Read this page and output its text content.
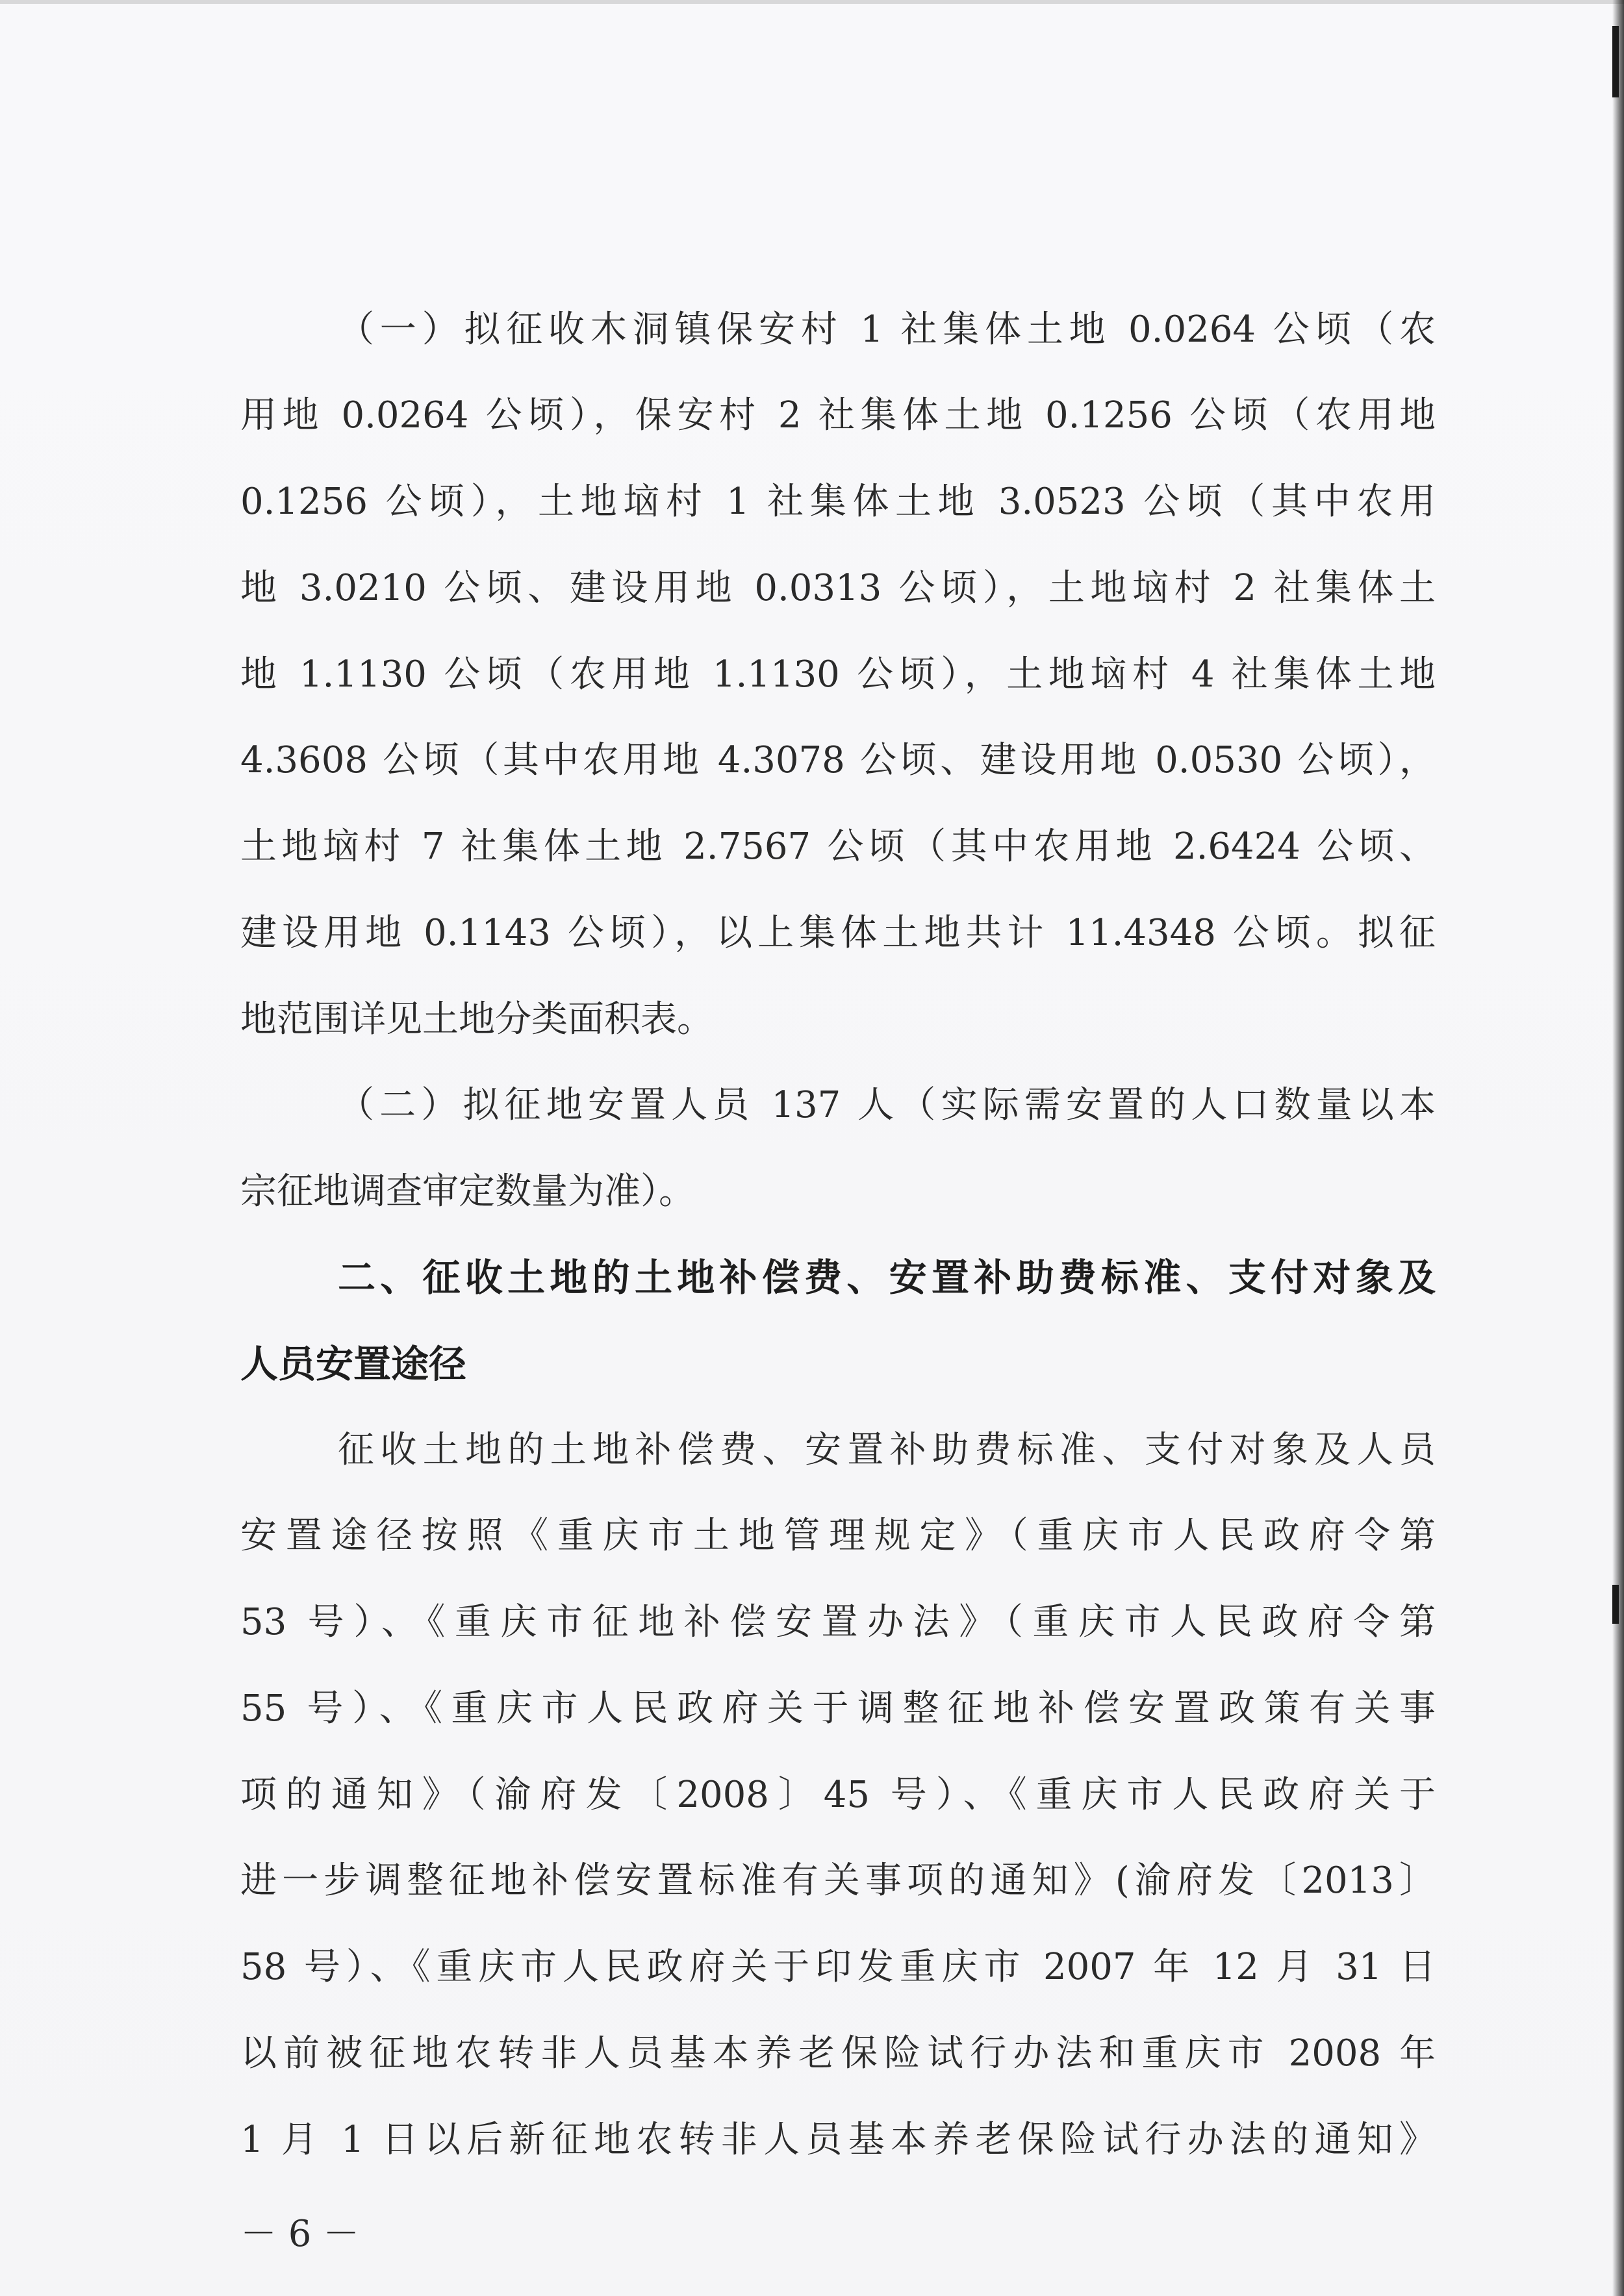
（一）拟征收木洞镇保安村 1 社集体土地 0.0264 公顷（农
用地 0.0264 公顷），保安村 2 社集体土地 0.1256 公顷（农用地
0.1256 公顷），土地垴村 1 社集体土地 3.0523 公顷（其中农用
地 3.0210 公顷、建设用地 0.0313 公顷），土地垴村 2 社集体土
地 1.1130 公顷（农用地 1.1130 公顷），土地垴村 4 社集体土地
4.3608 公顷（其中农用地 4.3078 公顷、建设用地 0.0530 公顷），
土地垴村 7 社集体土地 2.7567 公顷（其中农用地 2.6424 公顷、
建设用地 0.1143 公顷），以上集体土地共计 11.4348 公顷。拟征
地范围详见土地分类面积表。
（二）拟征地安置人员 137 人（实际需安置的人口数量以本
宗征地调查审定数量为准）。
二、征收土地的土地补偿费、安置补助费标准、支付对象及
人员安置途径
征收土地的土地补偿费、安置补助费标准、支付对象及人员
安置途径按照《重庆市土地管理规定》（重庆市人民政府令第
53 号）、《重庆市征地补偿安置办法》（重庆市人民政府令第
55 号）、《重庆市人民政府关于调整征地补偿安置政策有关事
项的通知》（渝府发〔2008〕45 号）、《重庆市人民政府关于
进一步调整征地补偿安置标准有关事项的通知》(渝府发〔2013〕
58 号）、《重庆市人民政府关于印发重庆市 2007 年 12 月 31 日
以前被征地农转非人员基本养老保险试行办法和重庆市 2008 年
1 月 1 日以后新征地农转非人员基本养老保险试行办法的通知》
－ 6 －
